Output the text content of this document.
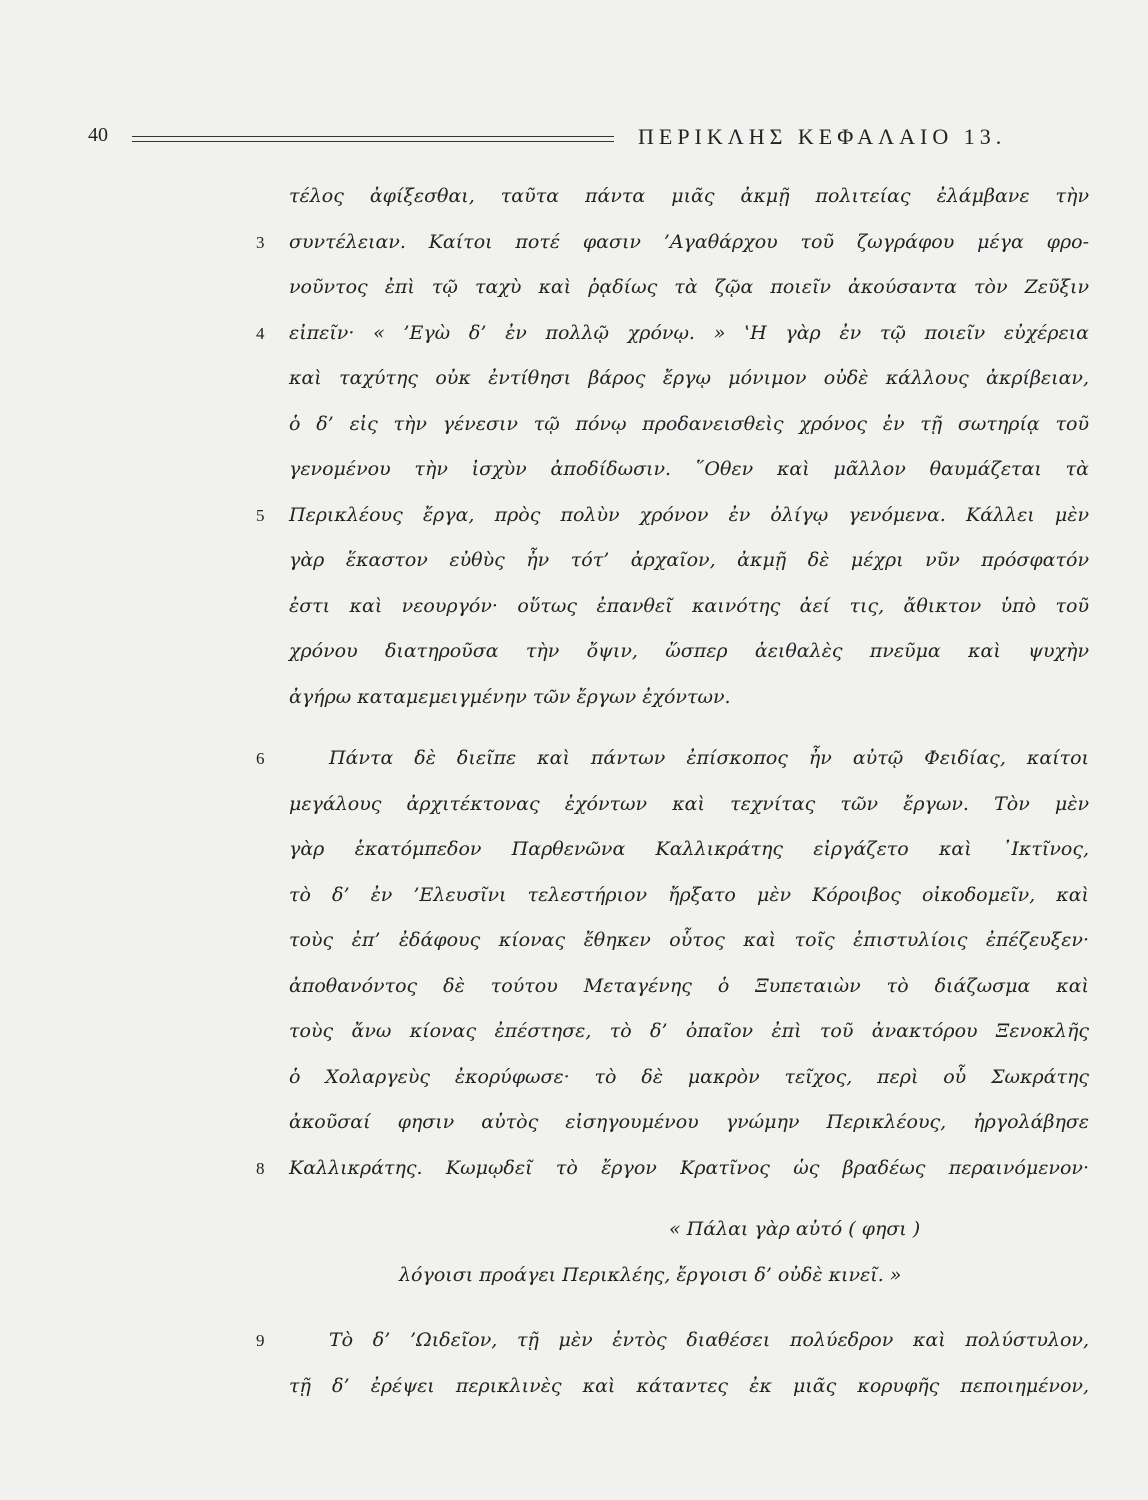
40	ΠΕΡΙΚΛΗΣ ΚΕΦΑΛΑΙΟ 13.
τέλος ἀφίξεσθαι, ταῦτα πάντα μιᾶς ἀκμῇ πολιτείας ἐλάμβανε τὴν
3 συντέλειαν. Καίτοι ποτέ φασιν ’Αγαθάρχου τοῦ ζωγράφου μέγα φρο-
νοῦντος ἐπὶ τῷ ταχὺ καὶ ῥᾳδίως τὰ ζῷα ποιεῖν ἀκούσαντα τὸν Ζεῦξιν
4 εἰπεῖν· « ’Εγὼ δ’ ἐν πολλῷ χρόνῳ. » ‛Η γὰρ ἐν τῷ ποιεῖν εὐχέρεια
καὶ ταχύτης οὐκ ἐντίθησι βάρος ἔργῳ μόνιμον οὐδὲ κάλλους ἀκρίβειαν,
ὁ δ’ εἰς τὴν γένεσιν τῷ πόνῳ προδανεισθεὶς χρόνος ἐν τῇ σωτηρίᾳ τοῦ
γενομένου τὴν ἰσχὺν ἀποδίδωσιν. ῞Οθεν καὶ μᾶλλον θαυμάζεται τὰ
5 Περικλέους ἔργα, πρὸς πολὺν χρόνον ἐν ὀλίγῳ γενόμενα. Κάλλει μὲν
γὰρ ἕκαστον εὐθὺς ἦν τότ’ ἀρχαῖον, ἀκμῇ δὲ μέχρι νῦν πρόσφατόν
ἐστι καὶ νεουργόν· οὕτως ἐπανθεῖ καινότης ἀεί τις, ἄθικτον ὑπὸ τοῦ
χρόνου διατηροῦσα τὴν ὄψιν, ὥσπερ ἀειθαλὲς πνεῦμα καὶ ψυχὴν
ἀγήρω καταμεμειγμένην τῶν ἔργων ἐχόντων.
6	Πάντα δὲ διεῖπε καὶ πάντων ἐπίσκοπος ἦν αὐτῷ Φειδίας, καίτοι
μεγάλους ἀρχιτέκτονας ἐχόντων καὶ τεχνίτας τῶν ἔργων. Τὸν μὲν
γὰρ ἑκατόμπεδον Παρθενῶνα Καλλικράτης εἰργάζετο καὶ ᾽Ικτῖνος,
τὸ δ’ ἐν ’Ελευσῖνι τελεστήριον ἤρξατο μὲν Κόροιβος οἰκοδομεῖν, καὶ
τοὺς ἐπ’ ἐδάφους κίονας ἔθηκεν οὗτος καὶ τοῖς ἐπιστυλίοις ἐπέζευξεν·
ἀποθανόντος δὲ τούτου Μεταγένης ὁ Ξυπεταιὼν τὸ διάζωσμα καὶ
τοὺς ἄνω κίονας ἐπέστησε, τὸ δ’ ὀπαῖον ἐπὶ τοῦ ἀνακτόρου Ξενοκλῆς
ὁ Χολαργεὺς ἐκορύφωσε· τὸ δὲ μακρὸν τεῖχος, περὶ οὗ Σωκράτης
ἀκοῦσαί φησιν αὐτὸς εἰσηγουμένου γνώμην Περικλέους, ἠργολάβησε
8 Καλλικράτης. Κωμῳδεῖ τὸ ἔργον Κρατῖνος ὡς βραδέως περαινόμενον·
« Πάλαι γὰρ αὐτό ( φησι )
λόγοισι προάγει Περικλέης, ἔργοισι δ’ οὐδὲ κινεῖ. »
9	Τὸ δ’ ’Ωιδεῖον, τῇ μὲν ἐντὸς διαθέσει πολύεδρον καὶ πολύστυλον,
τῇ δ’ ἐρέψει περικλινὲς καὶ κάταντες ἐκ μιᾶς κορυφῆς πεποιημένον,
